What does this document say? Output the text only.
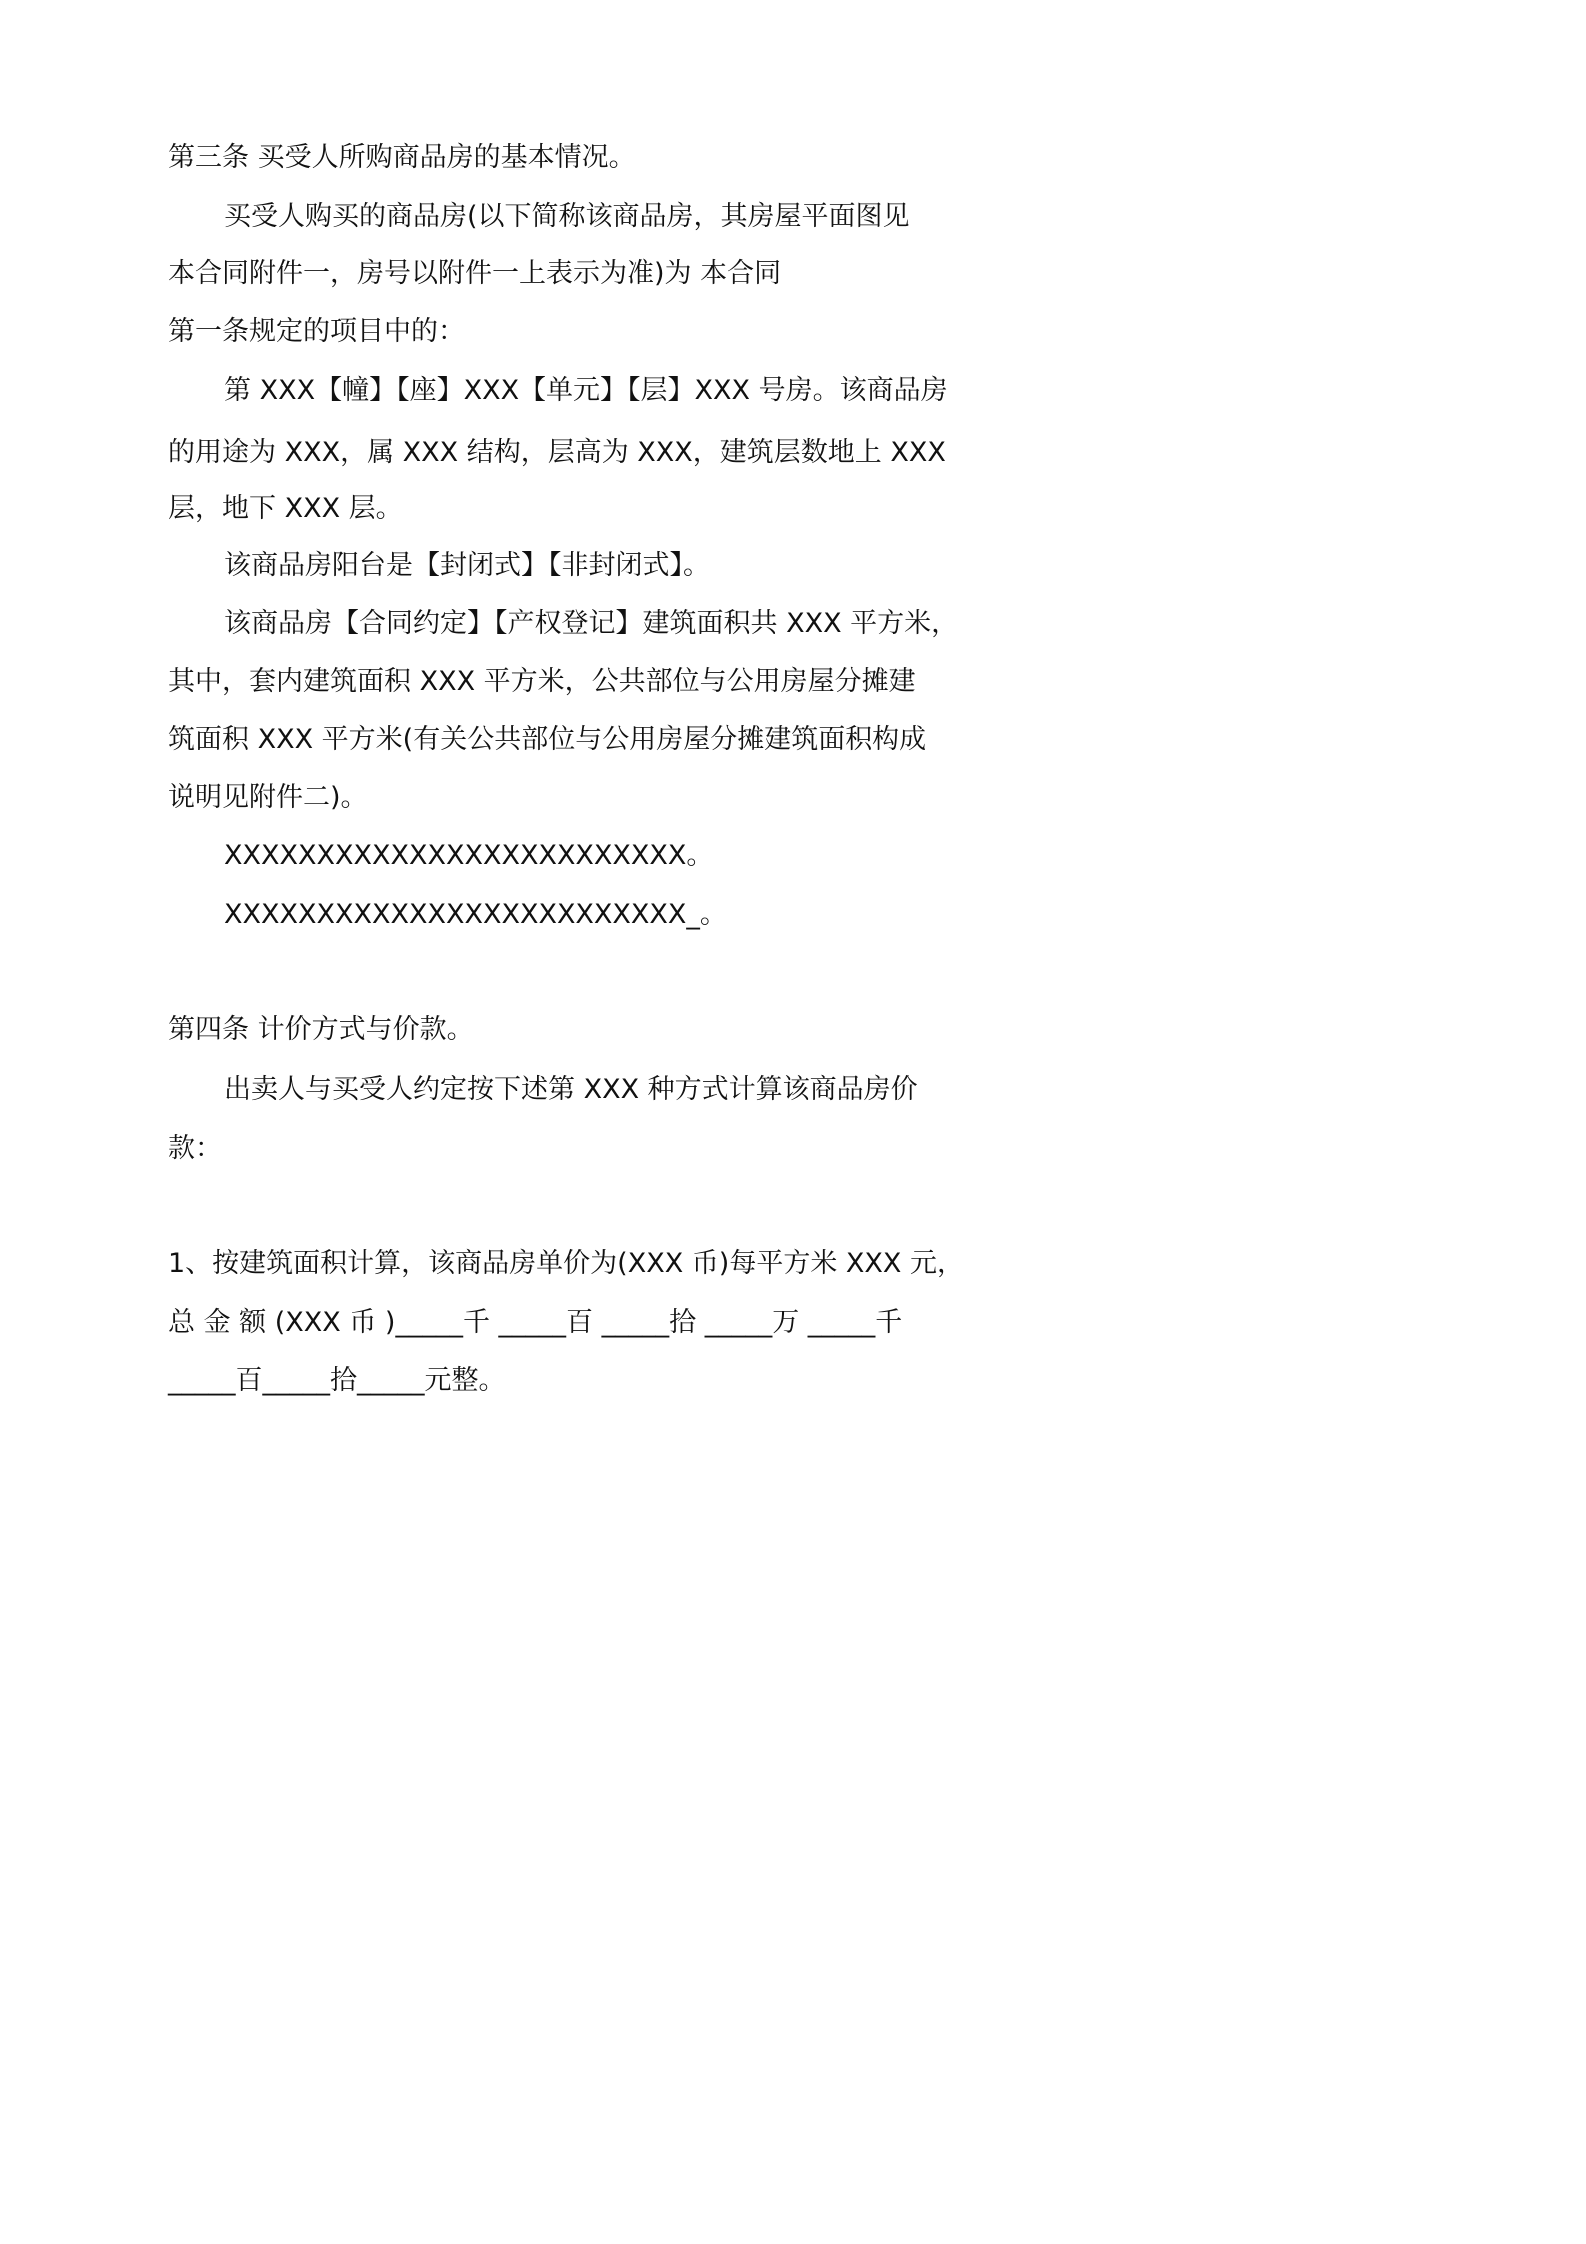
第三条 买受人所购商品房的基本情况。
买受人购买的商品房(以下简称该商品房，其房屋平面图见
本合同附件一，房号以附件一上表示为准)为 本合同
第一条规定的项目中的：
第 XXX【幢】【座】XXX【单元】【层】XXX 号房。该商品房
的用途为 XXX，属 XXX 结构，层高为 XXX，建筑层数地上 XXX
层，地下 XXX 层。
该商品房阳台是【封闭式】【非封闭式】。
该商品房【合同约定】【产权登记】建筑面积共 XXX 平方米，
其中，套内建筑面积 XXX 平方米，公共部位与公用房屋分摊建
筑面积 XXX 平方米(有关公共部位与公用房屋分摊建筑面积构成
说明见附件二)。
XXXXXXXXXXXXXXXXXXXXXXXXX。
XXXXXXXXXXXXXXXXXXXXXXXXX_。
第四条 计价方式与价款。
出卖人与买受人约定按下述第 XXX 种方式计算该商品房价
款：
1、按建筑面积计算，该商品房单价为(XXX 币)每平方米 XXX 元，
总 金 额 (XXX 币 )_____千 _____百 _____拾 _____万 _____千
_____百_____拾_____元整。
